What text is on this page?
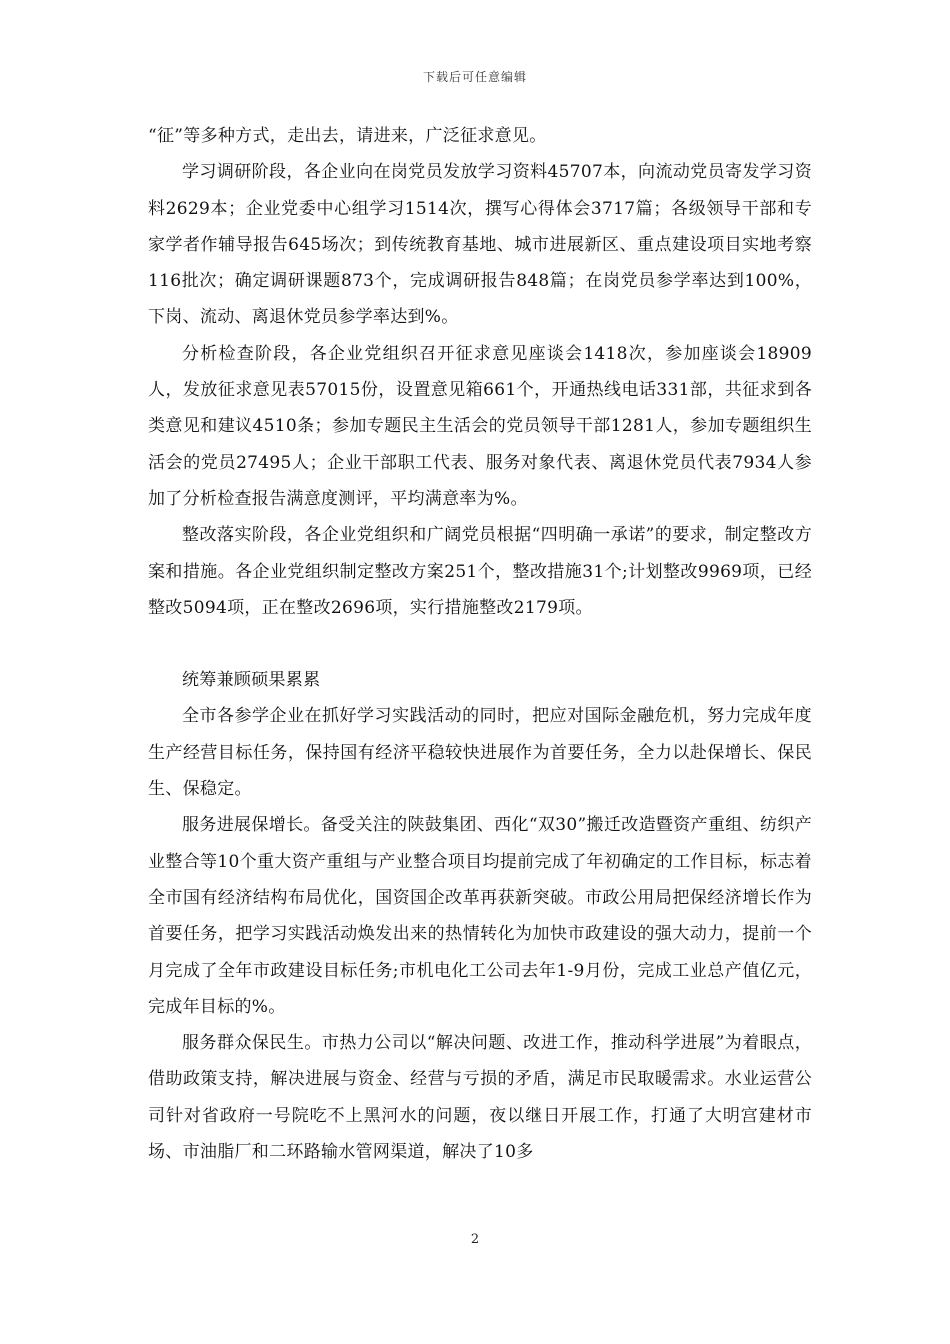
下载后可任意编辑

“征”等多种方式，走出去，请进来，广泛征求意见。

学习调研阶段，各企业向在岗党员发放学习资料45707本，向流动党员寄发学习资料2629本；企业党委中心组学习1514次，撰写心得体会3717篇；各级领导干部和专家学者作辅导报告645场次；到传统教育基地、城市进展新区、重点建设项目实地考察116批次；确定调研课题873个，完成调研报告848篇；在岗党员参学率达到100%，下岗、流动、离退休党员参学率达到%。

分析检查阶段，各企业党组织召开征求意见座谈会1418次，参加座谈会18909人，发放征求意见表57015份，设置意见箱661个，开通热线电话331部，共征求到各类意见和建议4510条；参加专题民主生活会的党员领导干部1281人，参加专题组织生活会的党员27495人；企业干部职工代表、服务对象代表、离退休党员代表7934人参加了分析检查报告满意度测评，平均满意率为%。

整改落实阶段，各企业党组织和广阔党员根据“四明确一承诺”的要求，制定整改方案和措施。各企业党组织制定整改方案251个，整改措施31个;计划整改9969项，已经整改5094项，正在整改2696项，实行措施整改2179项。

统筹兼顾硕果累累

全市各参学企业在抓好学习实践活动的同时，把应对国际金融危机，努力完成年度生产经营目标任务，保持国有经济平稳较快进展作为首要任务，全力以赴保增长、保民生、保稳定。

服务进展保增长。备受关注的陕鼓集团、西化“双30”搬迁改造暨资产重组、纺织产业整合等10个重大资产重组与产业整合项目均提前完成了年初确定的工作目标，标志着全市国有经济结构布局优化，国资国企改革再获新突破。市政公用局把保经济增长作为首要任务，把学习实践活动焕发出来的热情转化为加快市政建设的强大动力，提前一个月完成了全年市政建设目标任务;市机电化工公司去年1-9月份，完成工业总产值亿元，完成年目标的%。

服务群众保民生。市热力公司以“解决问题、改进工作，推动科学进展”为着眼点，借助政策支持，解决进展与资金、经营与亏损的矛盾，满足市民取暖需求。水业运营公司针对省政府一号院吃不上黑河水的问题，夜以继日开展工作，打通了大明宫建材市场、市油脂厂和二环路输水管网渠道，解决了10多

2
